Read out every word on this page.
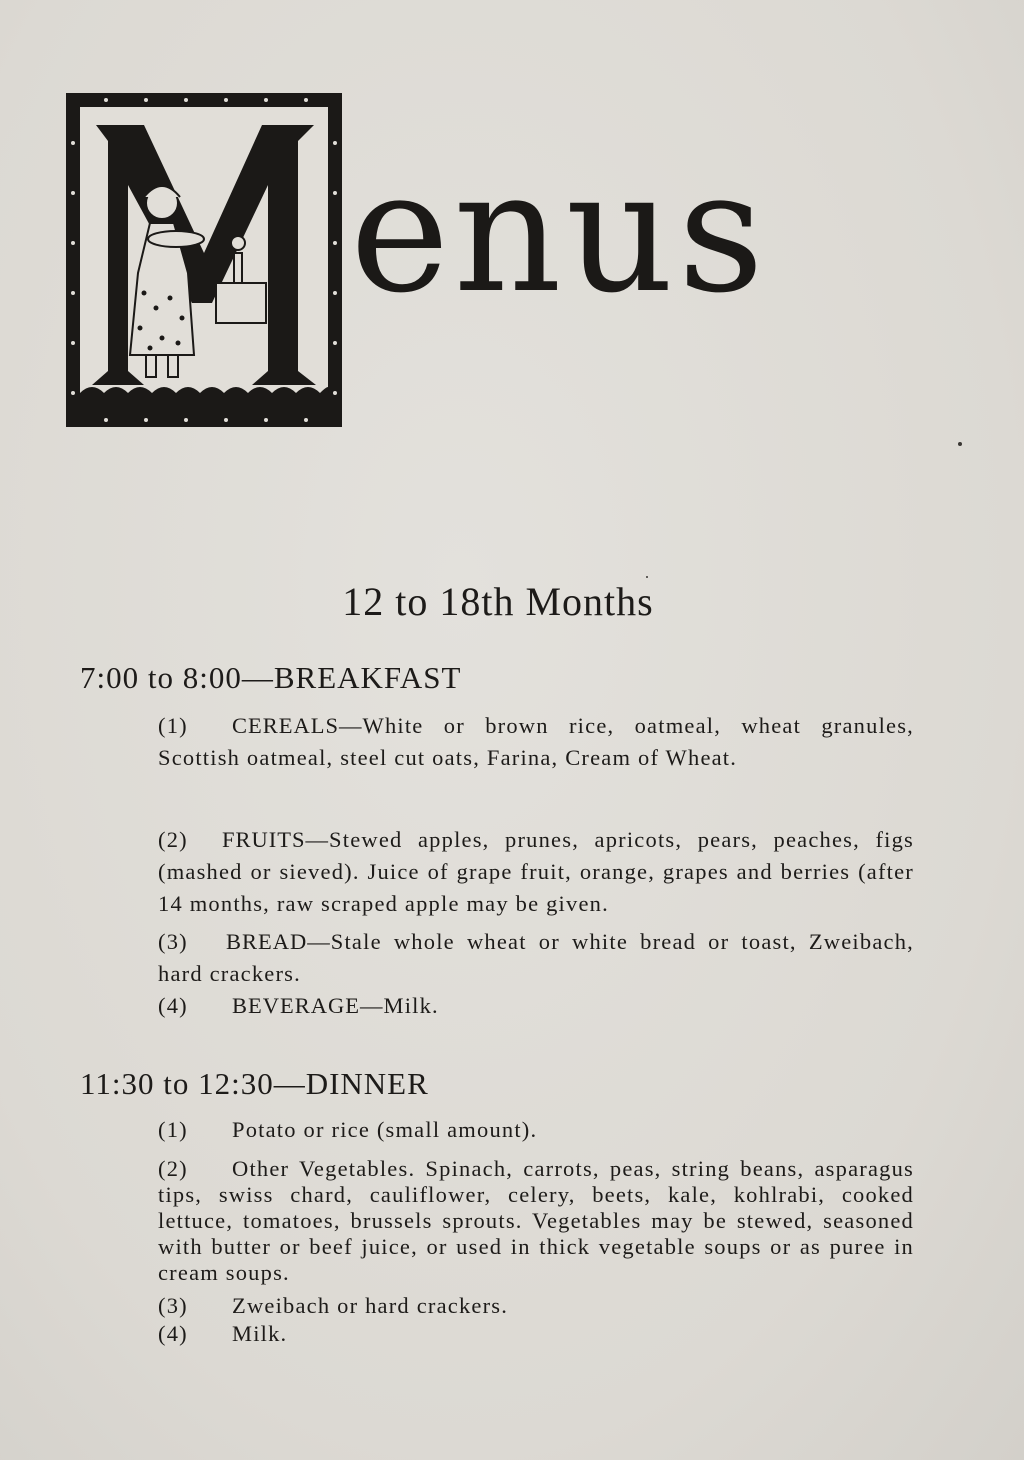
enus
12 to 18th Months
7:00 to 8:00—BREAKFAST
(1) CEREALS—White or brown rice, oatmeal, wheat granules, Scottish oatmeal, steel cut oats, Farina, Cream of Wheat.
(2) FRUITS—Stewed apples, prunes, apricots, pears, peaches, figs (mashed or sieved). Juice of grape fruit, orange, grapes and berries (after 14 months, raw scraped apple may be given.
(3) BREAD—Stale whole wheat or white bread or toast, Zweibach, hard crackers.
(4) BEVERAGE—Milk.
11:30 to 12:30—DINNER
(1) Potato or rice (small amount).
(2) Other Vegetables. Spinach, carrots, peas, string beans, asparagus tips, swiss chard, cauliflower, celery, beets, kale, kohlrabi, cooked lettuce, tomatoes, brussels sprouts. Vegetables may be stewed, seasoned with butter or beef juice, or used in thick vegetable soups or as puree in cream soups.
(3) Zweibach or hard crackers.
(4) Milk.
